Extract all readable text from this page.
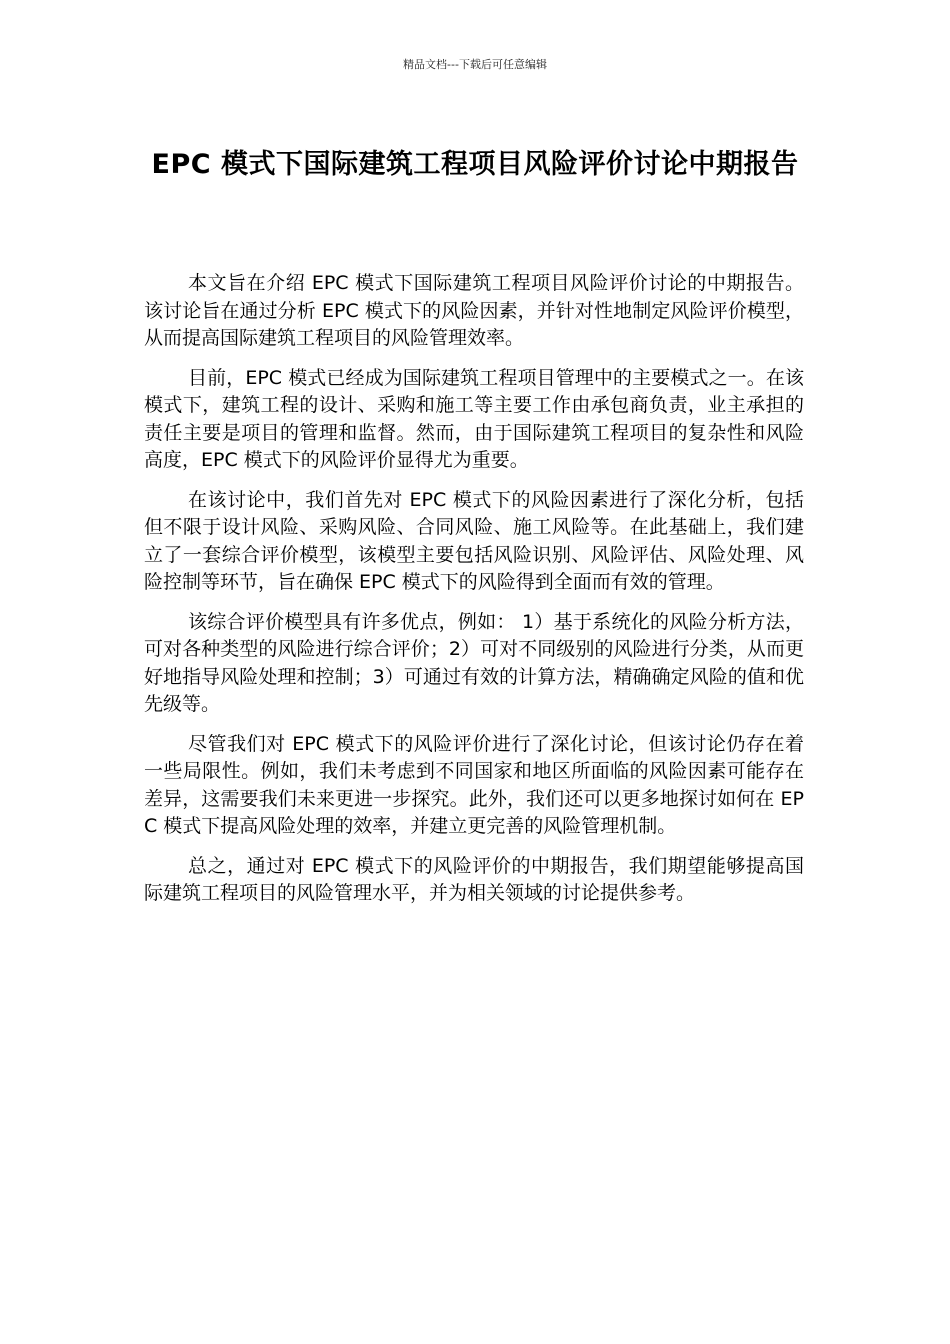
精品文档---下载后可任意编辑
EPC 模式下国际建筑工程项目风险评价讨论中期报告

本文旨在介绍 EPC 模式下国际建筑工程项目风险评价讨论的中期报告。该讨论旨在通过分析 EPC 模式下的风险因素，并针对性地制定风险评价模型，从而提高国际建筑工程项目的风险管理效率。

目前，EPC 模式已经成为国际建筑工程项目管理中的主要模式之一。在该模式下，建筑工程的设计、采购和施工等主要工作由承包商负责，业主承担的责任主要是项目的管理和监督。然而，由于国际建筑工程项目的复杂性和风险高度，EPC 模式下的风险评价显得尤为重要。

在该讨论中，我们首先对 EPC 模式下的风险因素进行了深化分析，包括但不限于设计风险、采购风险、合同风险、施工风险等。在此基础上，我们建立了一套综合评价模型，该模型主要包括风险识别、风险评估、风险处理、风险控制等环节，旨在确保 EPC 模式下的风险得到全面而有效的管理。

该综合评价模型具有许多优点，例如： 1）基于系统化的风险分析方法，可对各种类型的风险进行综合评价；2）可对不同级别的风险进行分类，从而更好地指导风险处理和控制；3）可通过有效的计算方法，精确确定风险的值和优先级等。

尽管我们对 EPC 模式下的风险评价进行了深化讨论，但该讨论仍存在着一些局限性。例如，我们未考虑到不同国家和地区所面临的风险因素可能存在差异，这需要我们未来更进一步探究。此外，我们还可以更多地探讨如何在 EPC 模式下提高风险处理的效率，并建立更完善的风险管理机制。

总之，通过对 EPC 模式下的风险评价的中期报告，我们期望能够提高国际建筑工程项目的风险管理水平，并为相关领域的讨论提供参考。
